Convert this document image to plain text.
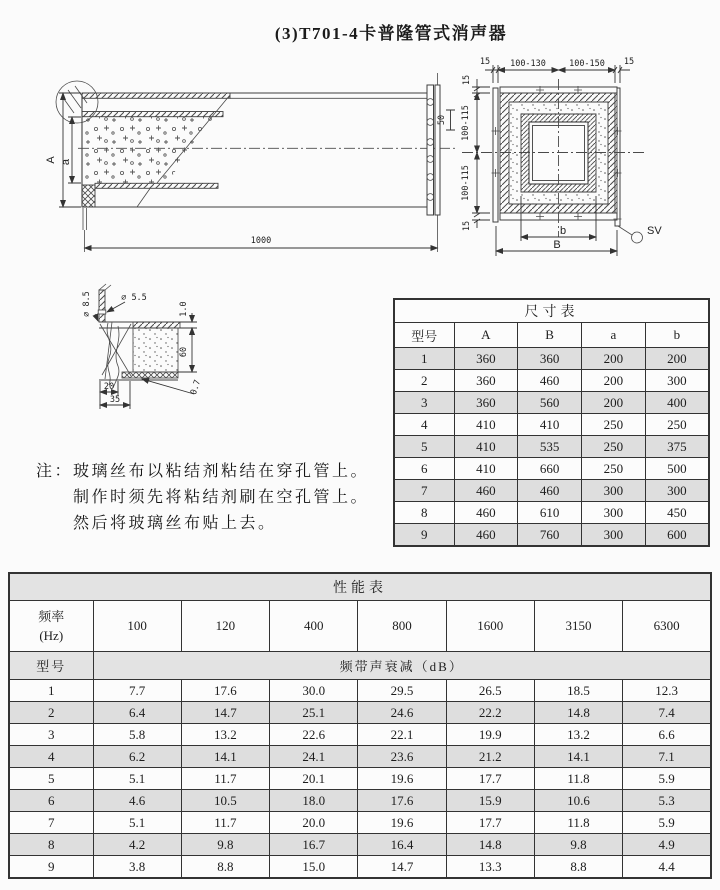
(3)T701-4卡普隆管式消声器
A a
1000
50
15 100-130	100-150 15
15
100-115
100-115
15	b
B
SV
∅ 8.5	∅ 5.5
1.0
60
0.7
20
35
注： 玻璃丝布以粘结剂粘结在穿孔管上。
制作时须先将粘结剂刷在空孔管上。
然后将玻璃丝布贴上去。
尺寸表				
型号	A	B	a	b
1	360	360	200	200
2	360	460	200	300
3	360	560	200	400
4	410	410	250	250
5	410	535	250	375
6	410	660	250	500
7	460	460	300	300
8	460	610	300	450
9	460	760	300	600
性能表							

频率
(Hz)	100	120	400	800	1600	3150	6300
型号	频带声衰减（dB）						
1	7.7	17.6	30.0	29.5	26.5	18.5	12.3
2	6.4	14.7	25.1	24.6	22.2	14.8	7.4
3	5.8	13.2	22.6	22.1	19.9	13.2	6.6
4	6.2	14.1	24.1	23.6	21.2	14.1	7.1
5	5.1	11.7	20.1	19.6	17.7	11.8	5.9
6	4.6	10.5	18.0	17.6	15.9	10.6	5.3
7	5.1	11.7	20.0	19.6	17.7	11.8	5.9
8	4.2	9.8	16.7	16.4	14.8	9.8	4.9
9	3.8	8.8	15.0	14.7	13.3	8.8	4.4
